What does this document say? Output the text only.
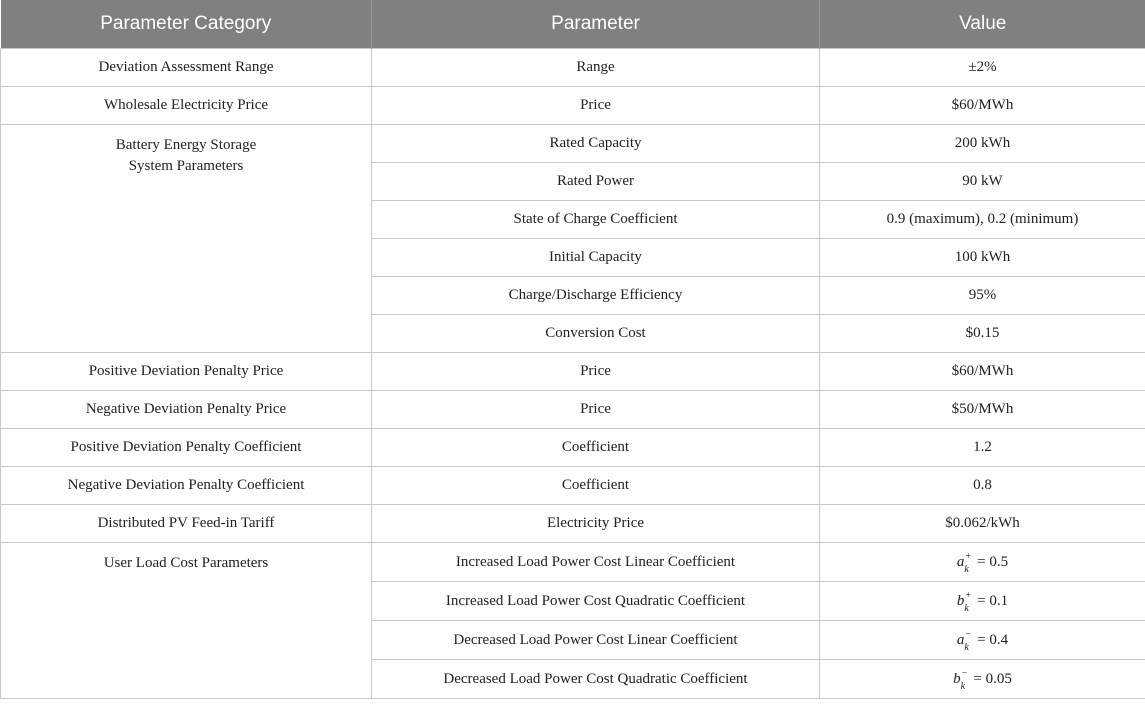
Parameter Category	Parameter	Value
Deviation Assessment Range	Range	±2%
Wholesale Electricity Price	Price	$60/MWh
Battery Energy Storage
System Parameters	Rated Capacity	200 kWh
	Rated Power	90 kW
	State of Charge Coefficient	0.9 (maximum), 0.2 (minimum)
	Initial Capacity	100 kWh
	Charge/Discharge Efficiency	95%
	Conversion Cost	$0.15
Positive Deviation Penalty Price	Price	$60/MWh
Negative Deviation Penalty Price	Price	$50/MWh
Positive Deviation Penalty Coefficient	Coefficient	1.2
Negative Deviation Penalty Coefficient	Coefficient	0.8
Distributed PV Feed-in Tariff	Electricity Price	$0.062/kWh
User Load Cost Parameters	Increased Load Power Cost Linear Coefficient	a +
k = 0.5
	Increased Load Power Cost Quadratic Coefficient	b +
k = 0.1
	Decreased Load Power Cost Linear Coefficient	a −
k = 0.4
	Decreased Load Power Cost Quadratic Coefficient	b −
k = 0.05
